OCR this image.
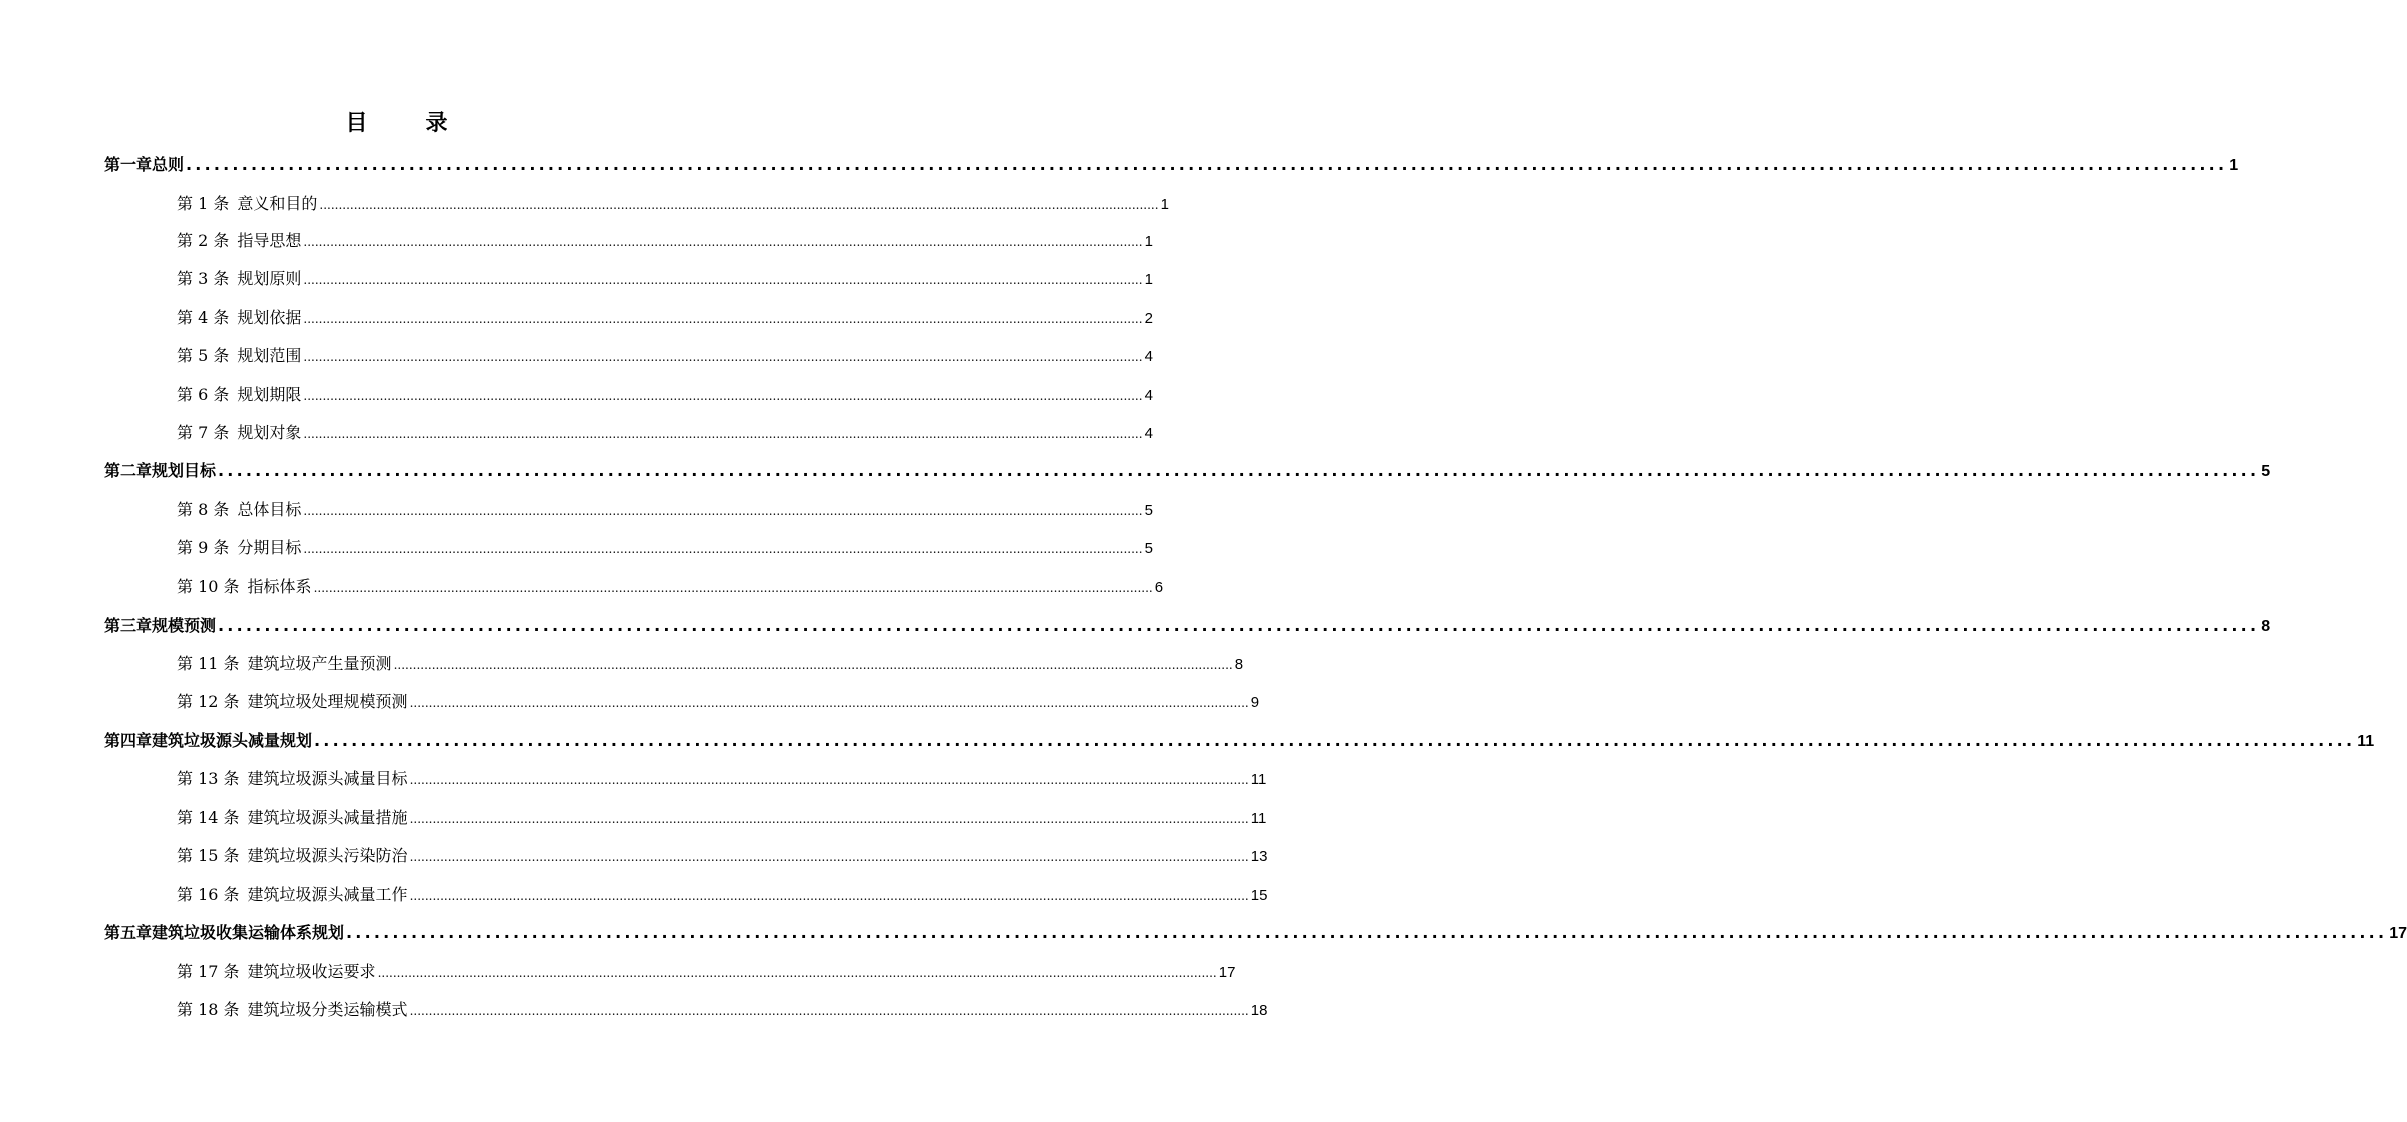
目　录
第一章 总则 ............................................................................................................................................................................................................................ 1
第 1 条 意义和目的 ............................................................................................................................................................................................................................ 1
第 2 条 指导思想 ............................................................................................................................................................................................................................ 1
第 3 条 规划原则 ............................................................................................................................................................................................................................ 1
第 4 条 规划依据 ............................................................................................................................................................................................................................ 2
第 5 条 规划范围 ............................................................................................................................................................................................................................ 4
第 6 条 规划期限 ............................................................................................................................................................................................................................ 4
第 7 条 规划对象 ............................................................................................................................................................................................................................ 4
第二章 规划目标 ............................................................................................................................................................................................................................ 5
第 8 条 总体目标 ............................................................................................................................................................................................................................ 5
第 9 条 分期目标 ............................................................................................................................................................................................................................ 5
第 10 条 指标体系 ............................................................................................................................................................................................................................ 6
第三章 规模预测 ............................................................................................................................................................................................................................ 8
第 11 条 建筑垃圾产生量预测 ............................................................................................................................................................................................................................ 8
第 12 条 建筑垃圾处理规模预测 ............................................................................................................................................................................................................................ 9
第四章 建筑垃圾源头减量规划 ............................................................................................................................................................................................................................ 11
第 13 条 建筑垃圾源头减量目标 ............................................................................................................................................................................................................................ 11
第 14 条 建筑垃圾源头减量措施 ............................................................................................................................................................................................................................ 11
第 15 条 建筑垃圾源头污染防治 ............................................................................................................................................................................................................................ 13
第 16 条 建筑垃圾源头减量工作 ............................................................................................................................................................................................................................ 15
第五章 建筑垃圾收集运输体系规划 ............................................................................................................................................................................................................................ 17
第 17 条 建筑垃圾收运要求 ............................................................................................................................................................................................................................ 17
第 18 条 建筑垃圾分类运输模式 ............................................................................................................................................................................................................................ 18
